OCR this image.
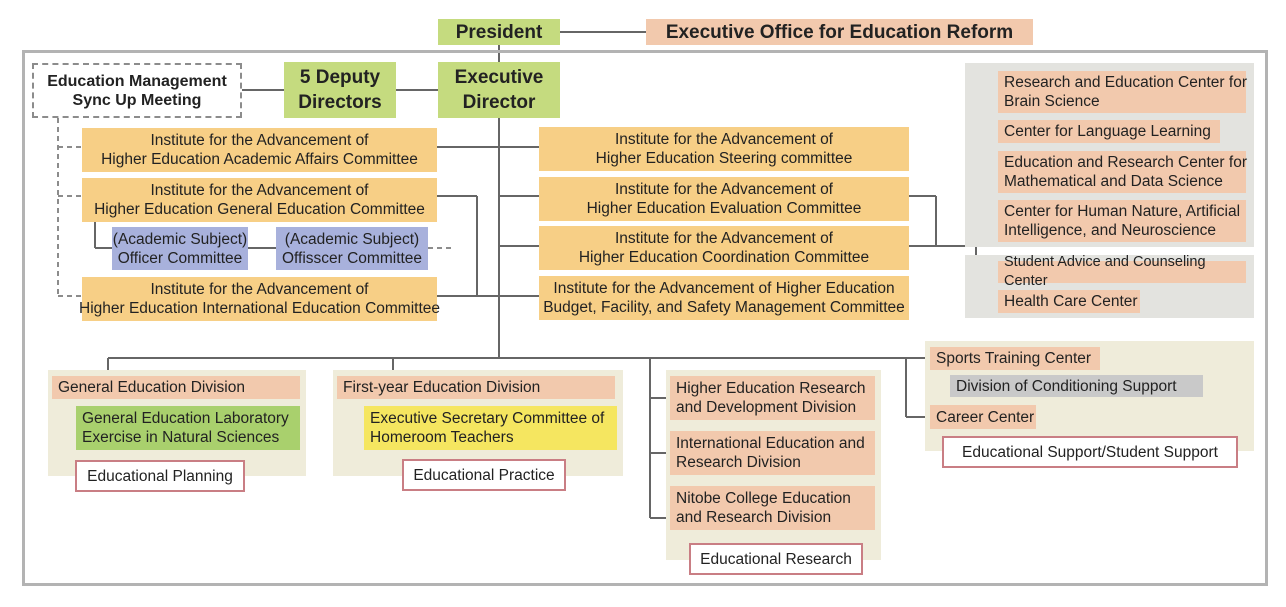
President	Executive Office for Education Reform
Education Management
Sync Up Meeting
5 Deputy
Directors
Executive
Director
Institute for the Advancement of
Higher Education Academic Affairs Committee
Institute for the Advancement of
Higher Education General Education Committee
(Academic Subject)
Officer Committee
(Academic Subject)
Offisscer Committee
Institute for the Advancement of
Higher Education International Education Committee
Institute for the Advancement of
Higher Education Steering committee
Institute for the Advancement of
Higher Education Evaluation Committee
Institute for the Advancement of
Higher Education Coordination Committee
Institute for the Advancement of Higher Education
Budget, Facility, and Safety Management Committee
Research and Education Center for
Brain Science
Center for Language Learning
Education and Research Center for
Mathematical and Data Science
Center for Human Nature, Artificial
Intelligence, and Neuroscience
Student Advice and Counseling Center
Health Care Center
General Education Division
General Education Laboratory
Exercise in Natural Sciences
Educational Planning
First-year Education Division
Executive Secretary Committee of
Homeroom Teachers
Educational Practice
Higher Education Research
and Development Division
International Education and
Research Division
Nitobe College Education
and Research Division
Educational Research
Sports Training Center
Division of Conditioning Support
Career Center
Educational Support/Student Support
